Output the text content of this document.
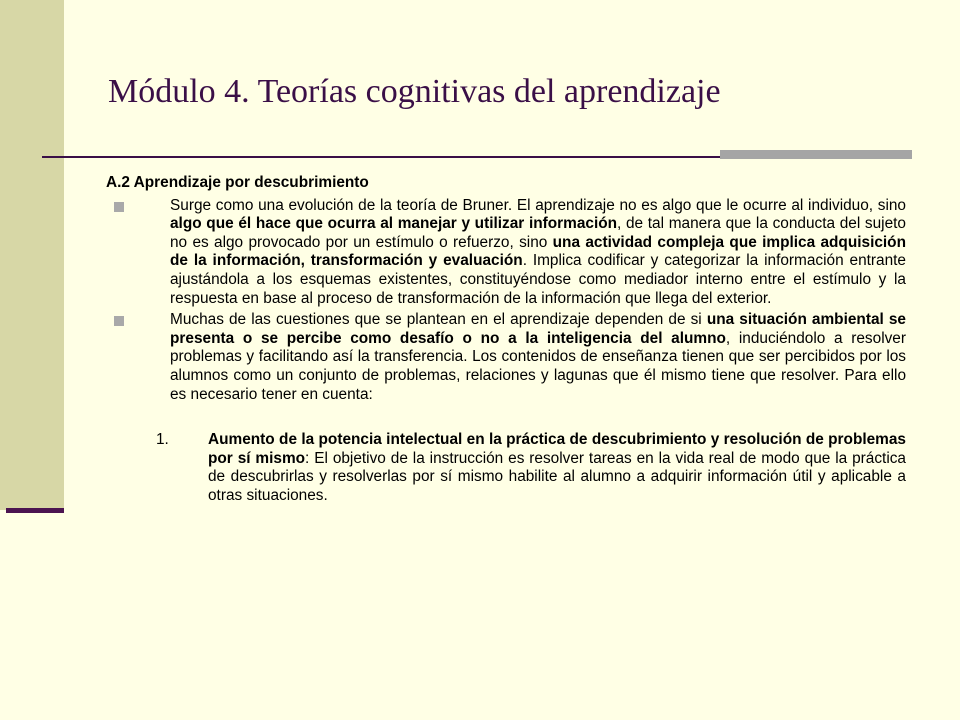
Módulo 4. Teorías cognitivas del aprendizaje
A.2 Aprendizaje por descubrimiento
Surge como una evolución de la teoría de Bruner. El aprendizaje no es algo que le ocurre al individuo, sino algo que él hace que ocurra al manejar y utilizar información, de tal manera que la conducta del sujeto no es algo provocado por un estímulo o refuerzo, sino una actividad compleja que implica adquisición de la información, transformación y evaluación. Implica codificar y categorizar la información entrante ajustándola a los esquemas existentes, constituyéndose como mediador interno entre el estímulo y la respuesta en base al proceso de transformación de la información que llega del exterior.
Muchas de las cuestiones que se plantean en el aprendizaje dependen de si una situación ambiental se presenta o se percibe como desafío o no a la inteligencia del alumno, induciéndolo a resolver problemas y facilitando así la transferencia. Los contenidos de enseñanza tienen que ser percibidos por los alumnos como un conjunto de problemas, relaciones y lagunas que él mismo tiene que resolver. Para ello es necesario tener en cuenta:
1.	Aumento de la potencia intelectual en la práctica de descubrimiento y resolución de problemas por sí mismo: El objetivo de la instrucción es resolver tareas en la vida real de modo que la práctica de descubrirlas y resolverlas por sí mismo habilite al alumno a adquirir información útil y aplicable a otras situaciones.
